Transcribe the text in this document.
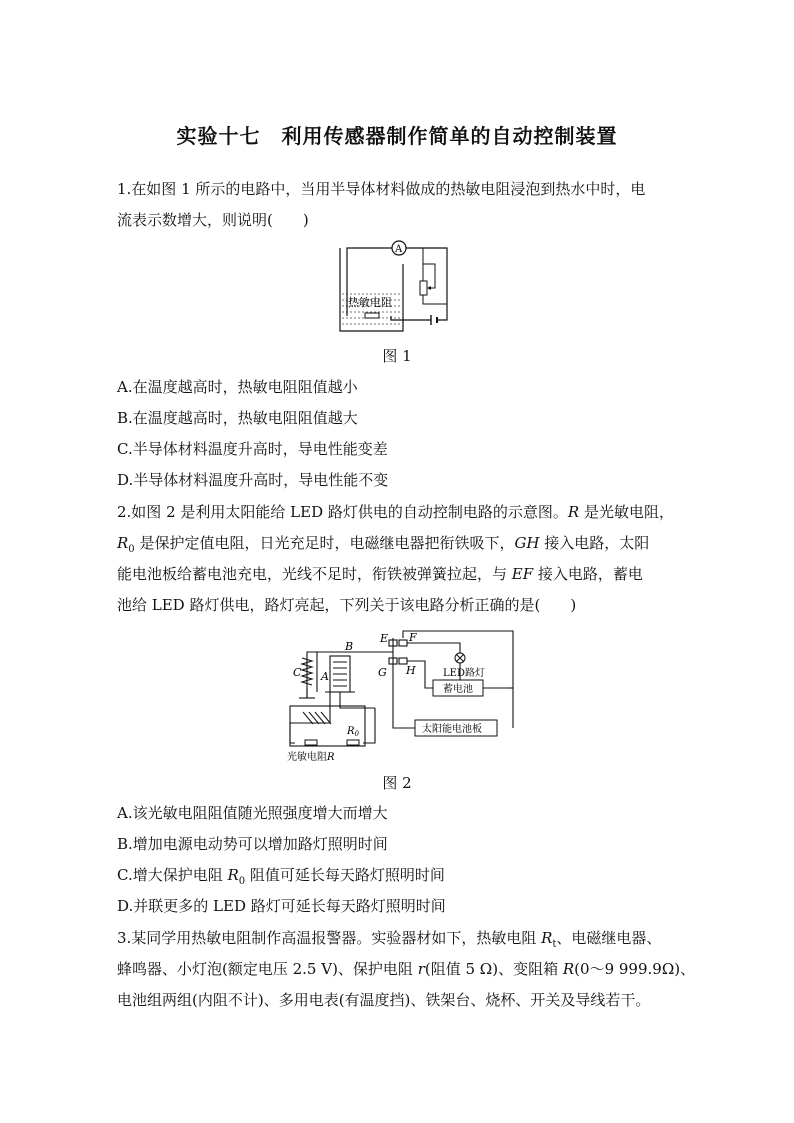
实验十七　利用传感器制作简单的自动控制装置
1.在如图 1 所示的电路中，当用半导体材料做成的热敏电阻浸泡到热水中时，电
流表示数增大，则说明(　　)
热敏电阻
A
图 1
A.在温度越高时，热敏电阻阻值越小
B.在温度越高时，热敏电阻阻值越大
C.半导体材料温度升高时，导电性能变差
D.半导体材料温度升高时，导电性能不变
2.如图 2 是利用太阳能给 LED 路灯供电的自动控制电路的示意图。R 是光敏电阻，
$R_0$ 是保护定值电阻，日光充足时，电磁继电器把衔铁吸下，GH 接入电路，太阳
能电池板给蓄电池充电，光线不足时，衔铁被弹簧拉起，与 EF 接入电路，蓄电
池给 LED 路灯供电，路灯亮起，下列关于该电路分析正确的是(　　)
B
C A
E F
G H	LED路灯
蓄电池
太阳能电池板
$R_0$
光敏电阻R
图 2
A.该光敏电阻阻值随光照强度增大而增大
B.增加电源电动势可以增加路灯照明时间
C.增大保护电阻 $R_0$ 阻值可延长每天路灯照明时间
D.并联更多的 LED 路灯可延长每天路灯照明时间
3.某同学用热敏电阻制作高温报警器。实验器材如下，热敏电阻 $R_t$、电磁继电器、
蜂鸣器、小灯泡(额定电压 2.5 V)、保护电阻 r(阻值 5 Ω)、变阻箱 R(0～9 999.9Ω)、
电池组两组(内阻不计)、多用电表(有温度挡)、铁架台、烧杯、开关及导线若干。
